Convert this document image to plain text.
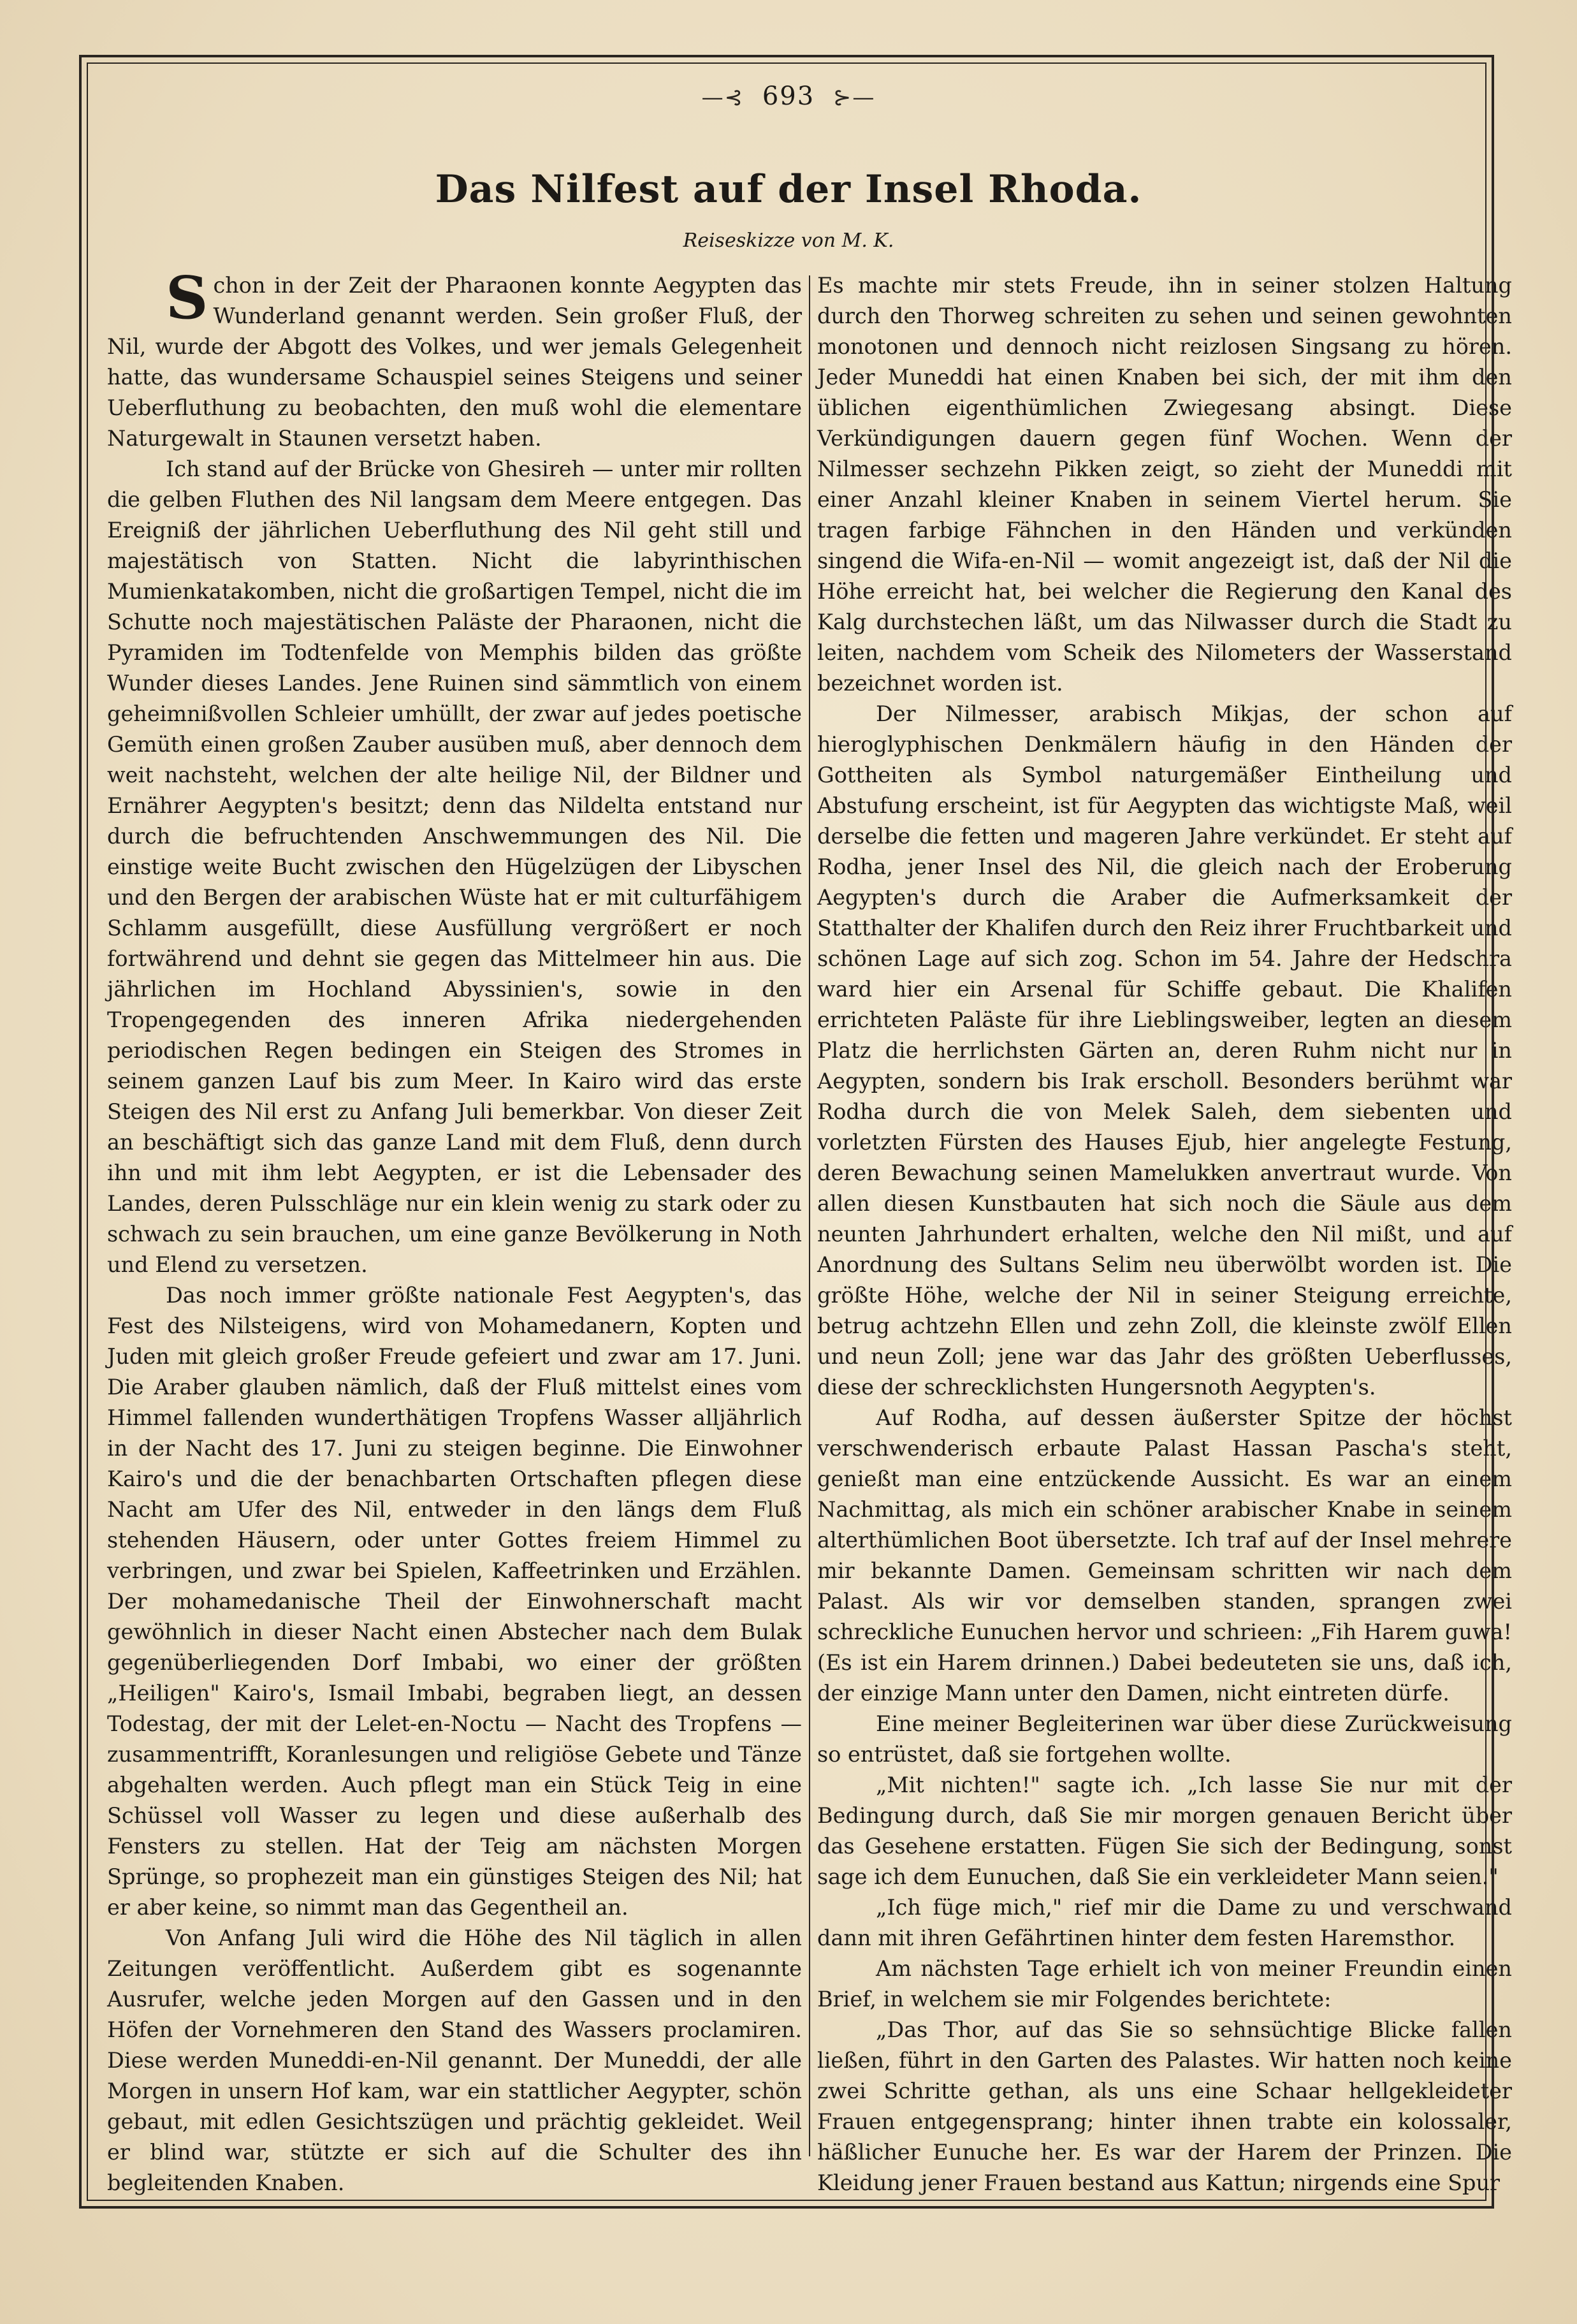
—⊰ 693 ⊱—
Das Nilfest auf der Insel Rhoda.
Reiseskizze von M. K.

Schon in der Zeit der Pharaonen konnte Aegypten das Wunderland genannt werden. Sein großer Fluß, der Nil, wurde der Abgott des Volkes, und wer jemals Gelegenheit hatte, das wundersame Schauspiel seines Steigens und seiner Ueberfluthung zu beobachten, den muß wohl die elementare Naturgewalt in Staunen versetzt haben.

Ich stand auf der Brücke von Ghesireh — unter mir rollten die gelben Fluthen des Nil langsam dem Meere entgegen. Das Ereigniß der jährlichen Ueberfluthung des Nil geht still und majestätisch von Statten. Nicht die labyrinthischen Mumienkatakomben, nicht die großartigen Tempel, nicht die im Schutte noch majestätischen Paläste der Pharaonen, nicht die Pyramiden im Todtenfelde von Memphis bilden das größte Wunder dieses Landes. Jene Ruinen sind sämmtlich von einem geheimnißvollen Schleier umhüllt, der zwar auf jedes poetische Gemüth einen großen Zauber ausüben muß, aber dennoch dem weit nachsteht, welchen der alte heilige Nil, der Bildner und Ernährer Aegypten's besitzt; denn das Nildelta entstand nur durch die befruchtenden Anschwemmungen des Nil. Die einstige weite Bucht zwischen den Hügelzügen der Libyschen und den Bergen der arabischen Wüste hat er mit culturfähigem Schlamm ausgefüllt, diese Ausfüllung vergrößert er noch fortwährend und dehnt sie gegen das Mittelmeer hin aus. Die jährlichen im Hochland Abyssinien's, sowie in den Tropengegenden des inneren Afrika niedergehenden periodischen Regen bedingen ein Steigen des Stromes in seinem ganzen Lauf bis zum Meer. In Kairo wird das erste Steigen des Nil erst zu Anfang Juli bemerkbar. Von dieser Zeit an beschäftigt sich das ganze Land mit dem Fluß, denn durch ihn und mit ihm lebt Aegypten, er ist die Lebensader des Landes, deren Pulsschläge nur ein klein wenig zu stark oder zu schwach zu sein brauchen, um eine ganze Bevölkerung in Noth und Elend zu versetzen.

Das noch immer größte nationale Fest Aegypten's, das Fest des Nilsteigens, wird von Mohamedanern, Kopten und Juden mit gleich großer Freude gefeiert und zwar am 17. Juni. Die Araber glauben nämlich, daß der Fluß mittelst eines vom Himmel fallenden wunderthätigen Tropfens Wasser alljährlich in der Nacht des 17. Juni zu steigen beginne. Die Einwohner Kairo's und die der benachbarten Ortschaften pflegen diese Nacht am Ufer des Nil, entweder in den längs dem Fluß stehenden Häusern, oder unter Gottes freiem Himmel zu verbringen, und zwar bei Spielen, Kaffeetrinken und Erzählen. Der mohamedanische Theil der Einwohnerschaft macht gewöhnlich in dieser Nacht einen Abstecher nach dem Bulak gegenüberliegenden Dorf Imbabi, wo einer der größten „Heiligen" Kairo's, Ismail Imbabi, begraben liegt, an dessen Todestag, der mit der Lelet-en-Noctu — Nacht des Tropfens — zusammentrifft, Koranlesungen und religiöse Gebete und Tänze abgehalten werden. Auch pflegt man ein Stück Teig in eine Schüssel voll Wasser zu legen und diese außerhalb des Fensters zu stellen. Hat der Teig am nächsten Morgen Sprünge, so prophezeit man ein günstiges Steigen des Nil; hat er aber keine, so nimmt man das Gegentheil an.

Von Anfang Juli wird die Höhe des Nil täglich in allen Zeitungen veröffentlicht. Außerdem gibt es sogenannte Ausrufer, welche jeden Morgen auf den Gassen und in den Höfen der Vornehmeren den Stand des Wassers proclamiren. Diese werden Muneddi-en-Nil genannt. Der Muneddi, der alle Morgen in unsern Hof kam, war ein stattlicher Aegypter, schön gebaut, mit edlen Gesichtszügen und prächtig gekleidet. Weil er blind war, stützte er sich auf die Schulter des ihn begleitenden Knaben.

Es machte mir stets Freude, ihn in seiner stolzen Haltung durch den Thorweg schreiten zu sehen und seinen gewohnten monotonen und dennoch nicht reizlosen Singsang zu hören. Jeder Muneddi hat einen Knaben bei sich, der mit ihm den üblichen eigenthümlichen Zwiegesang absingt. Diese Verkündigungen dauern gegen fünf Wochen. Wenn der Nilmesser sechzehn Pikken zeigt, so zieht der Muneddi mit einer Anzahl kleiner Knaben in seinem Viertel herum. Sie tragen farbige Fähnchen in den Händen und verkünden singend die Wifa-en-Nil — womit angezeigt ist, daß der Nil die Höhe erreicht hat, bei welcher die Regierung den Kanal des Kalg durchstechen läßt, um das Nilwasser durch die Stadt zu leiten, nachdem vom Scheik des Nilometers der Wasserstand bezeichnet worden ist.

Der Nilmesser, arabisch Mikjas, der schon auf hieroglyphischen Denkmälern häufig in den Händen der Gottheiten als Symbol naturgemäßer Eintheilung und Abstufung erscheint, ist für Aegypten das wichtigste Maß, weil derselbe die fetten und mageren Jahre verkündet. Er steht auf Rodha, jener Insel des Nil, die gleich nach der Eroberung Aegypten's durch die Araber die Aufmerksamkeit der Statthalter der Khalifen durch den Reiz ihrer Fruchtbarkeit und schönen Lage auf sich zog. Schon im 54. Jahre der Hedschra ward hier ein Arsenal für Schiffe gebaut. Die Khalifen errichteten Paläste für ihre Lieblingsweiber, legten an diesem Platz die herrlichsten Gärten an, deren Ruhm nicht nur in Aegypten, sondern bis Irak erscholl. Besonders berühmt war Rodha durch die von Melek Saleh, dem siebenten und vorletzten Fürsten des Hauses Ejub, hier angelegte Festung, deren Bewachung seinen Mamelukken anvertraut wurde. Von allen diesen Kunstbauten hat sich noch die Säule aus dem neunten Jahrhundert erhalten, welche den Nil mißt, und auf Anordnung des Sultans Selim neu überwölbt worden ist. Die größte Höhe, welche der Nil in seiner Steigung erreichte, betrug achtzehn Ellen und zehn Zoll, die kleinste zwölf Ellen und neun Zoll; jene war das Jahr des größten Ueberflusses, diese der schrecklichsten Hungersnoth Aegypten's.

Auf Rodha, auf dessen äußerster Spitze der höchst verschwenderisch erbaute Palast Hassan Pascha's steht, genießt man eine entzückende Aussicht. Es war an einem Nachmittag, als mich ein schöner arabischer Knabe in seinem alterthümlichen Boot übersetzte. Ich traf auf der Insel mehrere mir bekannte Damen. Gemeinsam schritten wir nach dem Palast. Als wir vor demselben standen, sprangen zwei schreckliche Eunuchen hervor und schrieen: „Fih Harem guwa! (Es ist ein Harem drinnen.) Dabei bedeuteten sie uns, daß ich, der einzige Mann unter den Damen, nicht eintreten dürfe.

Eine meiner Begleiterinen war über diese Zurückweisung so entrüstet, daß sie fortgehen wollte.

„Mit nichten!" sagte ich. „Ich lasse Sie nur mit der Bedingung durch, daß Sie mir morgen genauen Bericht über das Gesehene erstatten. Fügen Sie sich der Bedingung, sonst sage ich dem Eunuchen, daß Sie ein verkleideter Mann seien."

„Ich füge mich," rief mir die Dame zu und verschwand dann mit ihren Gefährtinen hinter dem festen Haremsthor.

Am nächsten Tage erhielt ich von meiner Freundin einen Brief, in welchem sie mir Folgendes berichtete:

„Das Thor, auf das Sie so sehnsüchtige Blicke fallen ließen, führt in den Garten des Palastes. Wir hatten noch keine zwei Schritte gethan, als uns eine Schaar hellgekleideter Frauen entgegensprang; hinter ihnen trabte ein kolossaler, häßlicher Eunuche her. Es war der Harem der Prinzen. Die Kleidung jener Frauen bestand aus Kattun; nirgends eine Spur
